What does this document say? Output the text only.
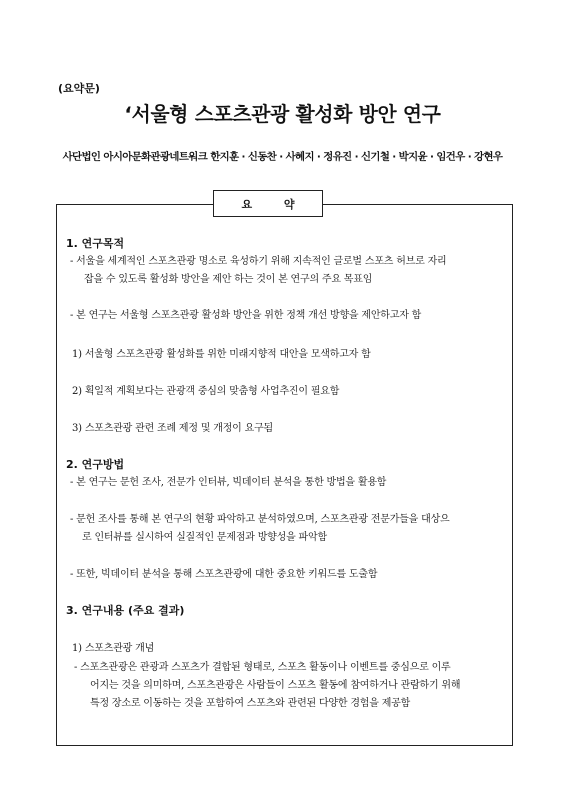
(요약문)
‘서울형 스포츠관광 활성화 방안 연구
사단법인 아시아문화관광네트워크 한지훈 · 신동찬 · 사혜지 · 정유진 · 신기철 · 박지윤 · 임건우 · 강현우
요 약
1. 연구목적
- 서울을 세계적인 스포츠관광 명소로 육성하기 위해 지속적인 글로벌 스포츠 허브로 자리
잡을 수 있도록 활성화 방안을 제안 하는 것이 본 연구의 주요 목표임
- 본 연구는 서울형 스포츠관광 활성화 방안을 위한 정책 개선 방향을 제안하고자 함
1) 서울형 스포츠관광 활성화를 위한 미래지향적 대안을 모색하고자 함
2) 획일적 계획보다는 관광객 중심의 맞춤형 사업추진이 필요함
3) 스포츠관광 관련 조례 제정 및 개정이 요구됨
2. 연구방법
- 본 연구는 문헌 조사, 전문가 인터뷰, 빅데이터 분석을 통한 방법을 활용함
- 문헌 조사를 통해 본 연구의 현황 파악하고 분석하였으며, 스포츠관광 전문가들을 대상으
로 인터뷰를 실시하여 실질적인 문제점과 방향성을 파악함
- 또한, 빅데이터 분석을 통해 스포츠관광에 대한 중요한 키워드를 도출함
3. 연구내용 (주요 결과)
1) 스포츠관광 개념
- 스포츠관광은 관광과 스포츠가 결합된 형태로, 스포츠 활동이나 이벤트를 중심으로 이루
어지는 것을 의미하며, 스포츠관광은 사람들이 스포츠 활동에 참여하거나 관람하기 위해
특정 장소로 이동하는 것을 포함하여 스포츠와 관련된 다양한 경험을 제공함
